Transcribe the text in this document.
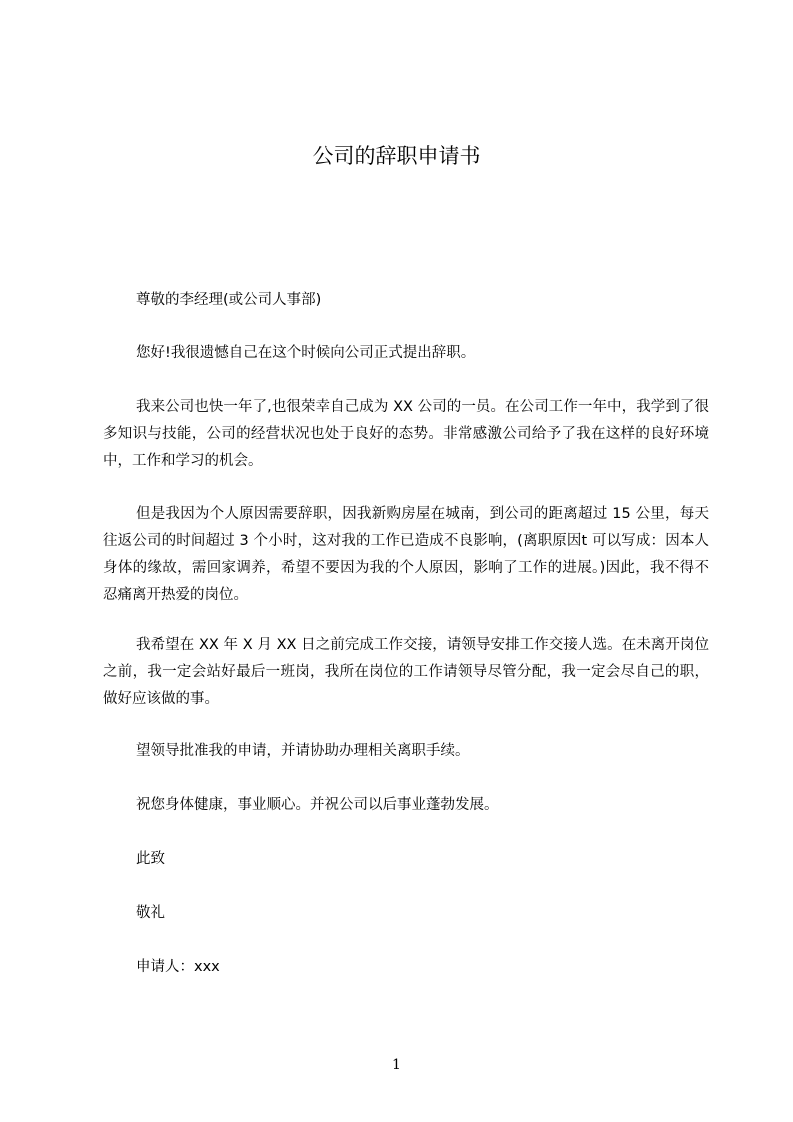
公司的辞职申请书
尊敬的李经理(或公司人事部)
您好!我很遗憾自己在这个时候向公司正式提出辞职。
我来公司也快一年了,也很荣幸自己成为 XX 公司的一员。在公司工作一年中，我学到了很多知识与技能，公司的经营状况也处于良好的态势。非常感激公司给予了我在这样的良好环境中，工作和学习的机会。
但是我因为个人原因需要辞职，因我新购房屋在城南，到公司的距离超过 15 公里，每天往返公司的时间超过 3 个小时，这对我的工作已造成不良影响，(离职原因t 可以写成：因本人身体的缘故，需回家调养，希望不要因为我的个人原因，影响了工作的进展。)因此，我不得不忍痛离开热爱的岗位。
我希望在 XX 年 X 月 XX 日之前完成工作交接，请领导安排工作交接人选。在未离开岗位之前，我一定会站好最后一班岗，我所在岗位的工作请领导尽管分配，我一定会尽自己的职，做好应该做的事。
望领导批准我的申请，并请协助办理相关离职手续。
祝您身体健康，事业顺心。并祝公司以后事业蓬勃发展。
此致
敬礼
申请人：xxx
1
